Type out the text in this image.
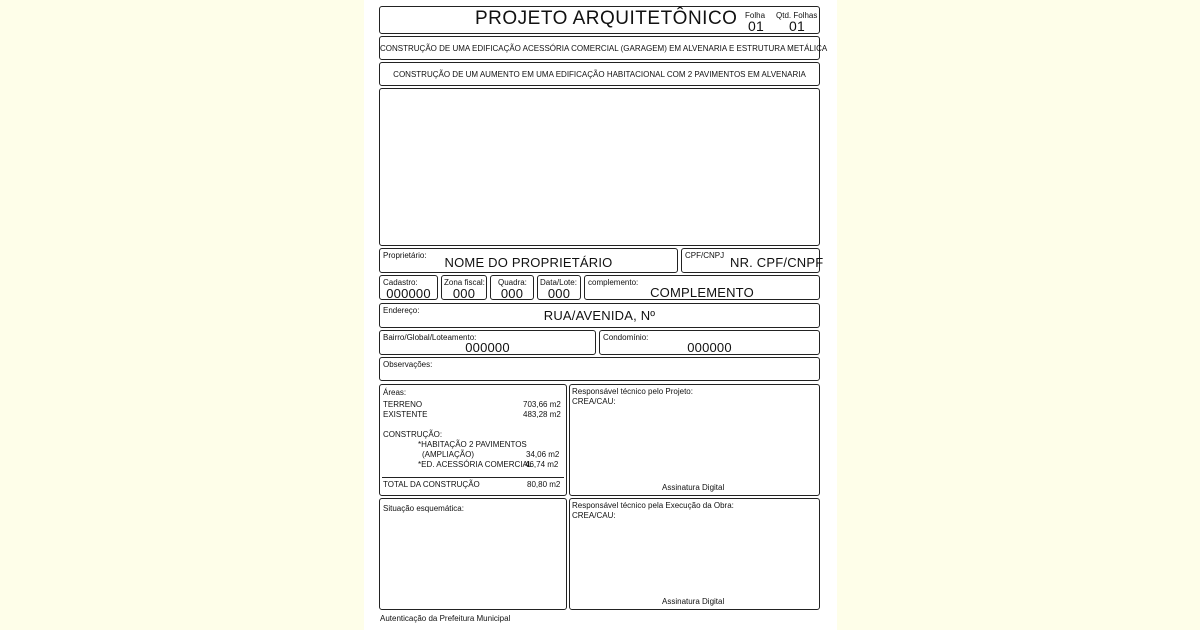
PROJETO ARQUITETÔNICO Folha
01
Qtd. Folhas
01
CONSTRUÇÃO DE UMA EDIFICAÇÃO ACESSÓRIA COMERCIAL (GARAGEM) EM ALVENARIA E ESTRUTURA METÁLICA
CONSTRUÇÃO DE UM AUMENTO EM UMA EDIFICAÇÃO HABITACIONAL COM 2 PAVIMENTOS EM ALVENARIA
Proprietário:	NOME DO PROPRIETÁRIO	CPF/CNPJ NR. CPF/CNPF
Cadastro:
000000
Zona fiscal:
000
Quadra:
000
Data/Lote:
000
complemento:
COMPLEMENTO
Endereço:	RUA/AVENIDA, Nº
Bairro/Global/Loteamento:
000000
Condomínio:
000000
Observações:
Áreas:
TERRENO	703,66 m2
EXISTENTE	483,28 m2
CONSTRUÇÃO:
*HABITAÇÃO 2 PAVIMENTOS
(AMPLIAÇÃO)	34,06 m2
*ED. ACESSÓRIA COMERCIAL
46,74 m2
TOTAL DA CONSTRUÇÃO	80,80 m2
Responsável técnico pelo Projeto:
CREA/CAU:
Assinatura Digital
Situação esquemática:	Responsável técnico pela Execução da Obra:
CREA/CAU:
Assinatura Digital
Autenticação da Prefeitura Municipal
